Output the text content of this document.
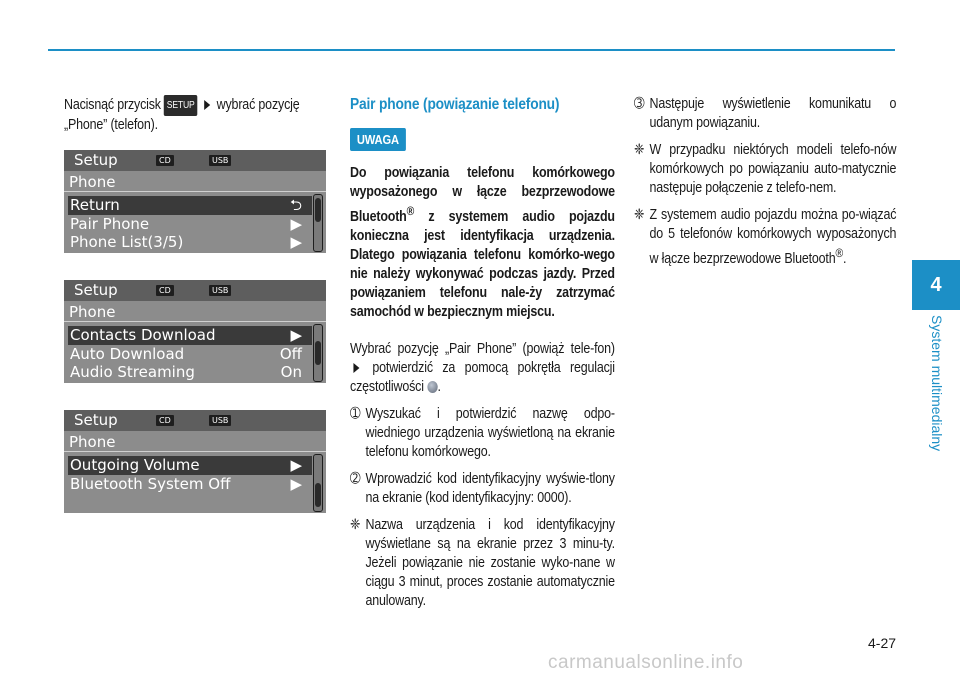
Nacisnąć przycisk SETUP wybrać pozycję „Phone” (telefon).

Setup	CD	USB
Phone
Return	⮌
Pair Phone	▶
Phone List(3/5)	▶
Setup	CD	USB
Phone
Contacts Download	▶
Auto Download	Off
Audio Streaming	On
Setup	CD	USB
Phone
Outgoing Volume	▶
Bluetooth System Off	▶

Pair phone (powiązanie telefonu)

UWAGA

Do powiązania telefonu komórkowego wyposażonego w łącze bezprzewodowe Bluetooth® z systemem audio pojazdu konieczna jest identyfikacja urządzenia. Dlatego powiązania telefonu komórko-wego nie należy wykonywać podczas jazdy. Przed powiązaniem telefonu nale-ży zatrzymać samochód w bezpiecznym miejscu.

Wybrać pozycję „Pair Phone” (powiąż tele-fon)  potwierdzić za pomocą pokrętła regulacji częstotliwości .

➀ Wyszukać i potwierdzić nazwę odpo-wiedniego urządzenia wyświetloną na ekranie telefonu komórkowego.
➁ Wprowadzić kod identyfikacyjny wyświe-tlony na ekranie (kod identyfikacyjny: 0000).
❈ Nazwa urządzenia i kod identyfikacyjny wyświetlane są na ekranie przez 3 minu-ty. Jeżeli powiązanie nie zostanie wyko-nane w ciągu 3 minut, proces zostanie automatycznie anulowany.
➂ Następuje wyświetlenie komunikatu o udanym powiązaniu.
❈ W przypadku niektórych modeli telefo-nów komórkowych po powiązaniu auto-matycznie następuje połączenie z telefo-nem.
❈ Z systemem audio pojazdu można po-wiązać do 5 telefonów komórkowych wyposażonych w łącze bezprzewodowe Bluetooth®.
4
System multimedialny
4-27
carmanualsonline.info
